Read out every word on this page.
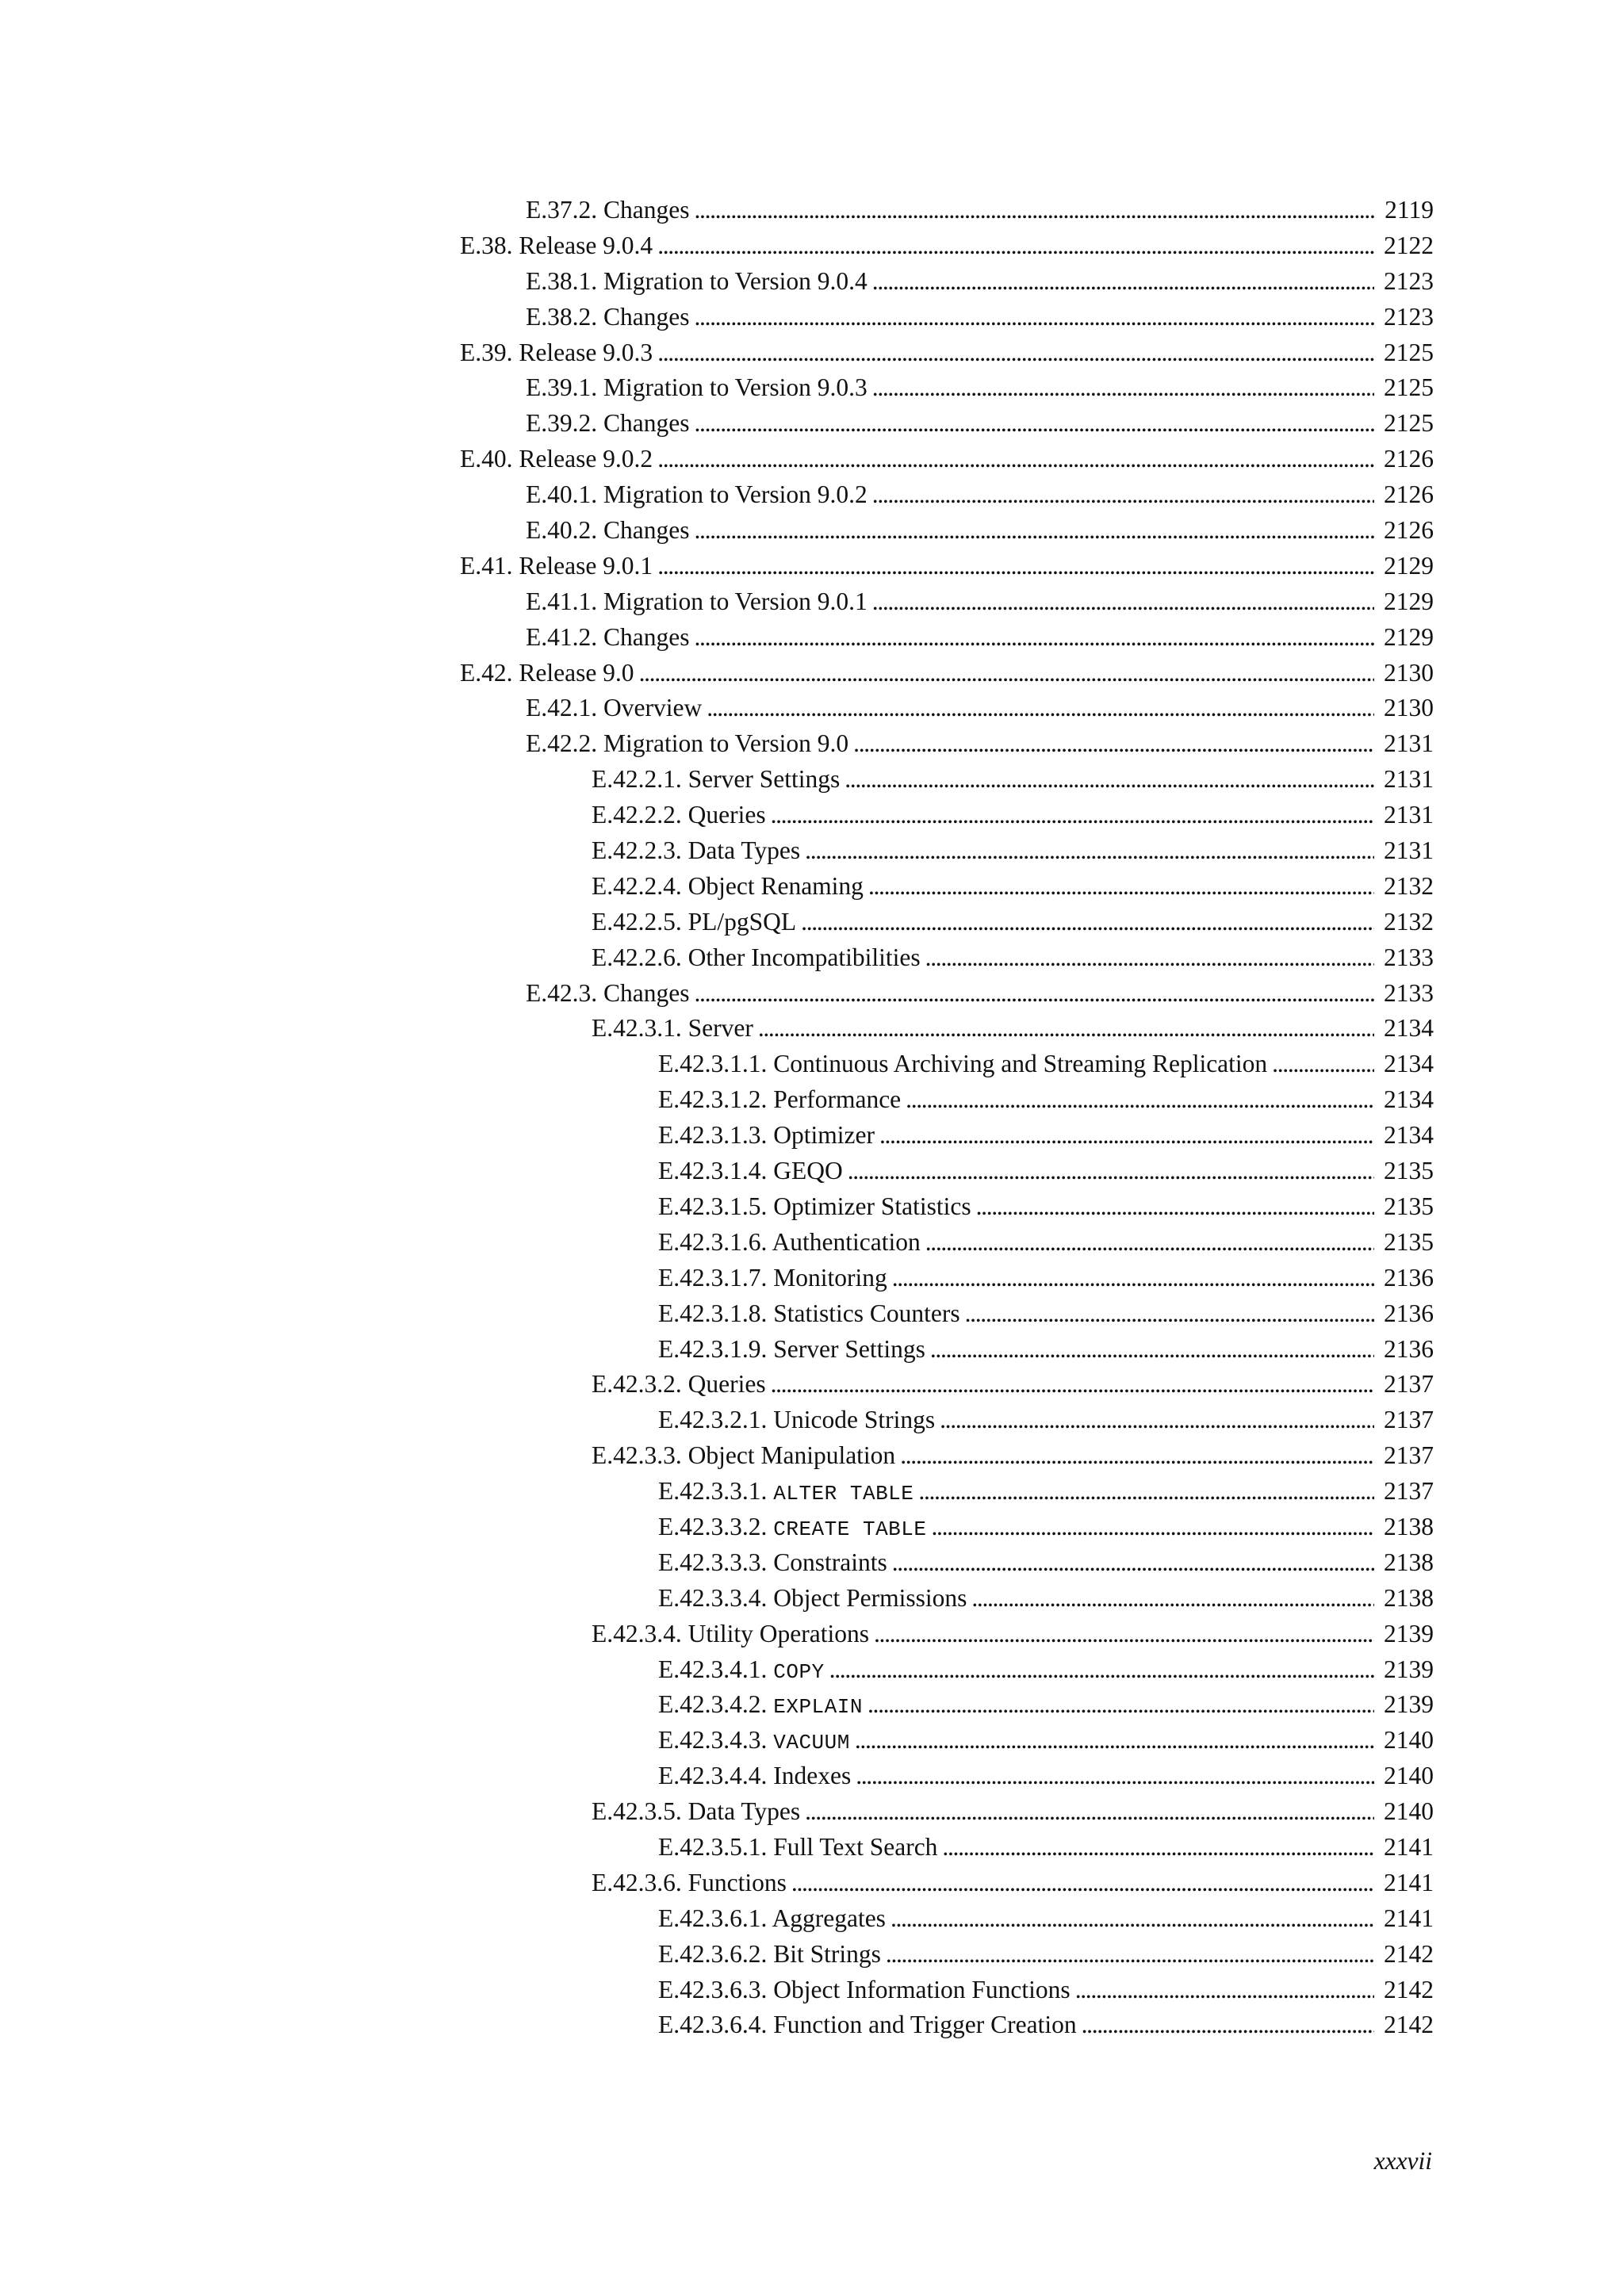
E.37.2. Changes . . .	2119
E.38. Release 9.0.4 . . .	2122
E.38.1. Migration to Version 9.0.4 . . .	2123
E.38.2. Changes . . .	2123
E.39. Release 9.0.3 . . .	2125
E.39.1. Migration to Version 9.0.3 . . .	2125
E.39.2. Changes . . .	2125
E.40. Release 9.0.2 . . .	2126
E.40.1. Migration to Version 9.0.2 . . .	2126
E.40.2. Changes . . .	2126
E.41. Release 9.0.1 . . .	2129
E.41.1. Migration to Version 9.0.1 . . .	2129
E.41.2. Changes . . .	2129
E.42. Release 9.0 . . .	2130
E.42.1. Overview . . .	2130
E.42.2. Migration to Version 9.0 . . .	2131
E.42.2.1. Server Settings . . .	2131
E.42.2.2. Queries . . .	2131
E.42.2.3. Data Types . . .	2131
E.42.2.4. Object Renaming . . .	2132
E.42.2.5. PL/pgSQL . . .	2132
E.42.2.6. Other Incompatibilities . . .	2133
E.42.3. Changes . . .	2133
E.42.3.1. Server . . .	2134
E.42.3.1.1. Continuous Archiving and Streaming Replication . . .	2134
E.42.3.1.2. Performance . . .	2134
E.42.3.1.3. Optimizer . . .	2134
E.42.3.1.4. GEQO . . .	2135
E.42.3.1.5. Optimizer Statistics . . .	2135
E.42.3.1.6. Authentication . . .	2135
E.42.3.1.7. Monitoring . . .	2136
E.42.3.1.8. Statistics Counters . . .	2136
E.42.3.1.9. Server Settings . . .	2136
E.42.3.2. Queries . . .	2137
E.42.3.2.1. Unicode Strings . . .	2137
E.42.3.3. Object Manipulation . . .	2137
E.42.3.3.1. ALTER TABLE . . .	2137
E.42.3.3.2. CREATE TABLE . . .	2138
E.42.3.3.3. Constraints . . .	2138
E.42.3.3.4. Object Permissions . . .	2138
E.42.3.4. Utility Operations . . .	2139
E.42.3.4.1. COPY . . .	2139
E.42.3.4.2. EXPLAIN . . .	2139
E.42.3.4.3. VACUUM . . .	2140
E.42.3.4.4. Indexes . . .	2140
E.42.3.5. Data Types . . .	2140
E.42.3.5.1. Full Text Search . . .	2141
E.42.3.6. Functions . . .	2141
E.42.3.6.1. Aggregates . . .	2141
E.42.3.6.2. Bit Strings . . .	2142
E.42.3.6.3. Object Information Functions . . .	2142
E.42.3.6.4. Function and Trigger Creation . . .	2142
xxxvii
